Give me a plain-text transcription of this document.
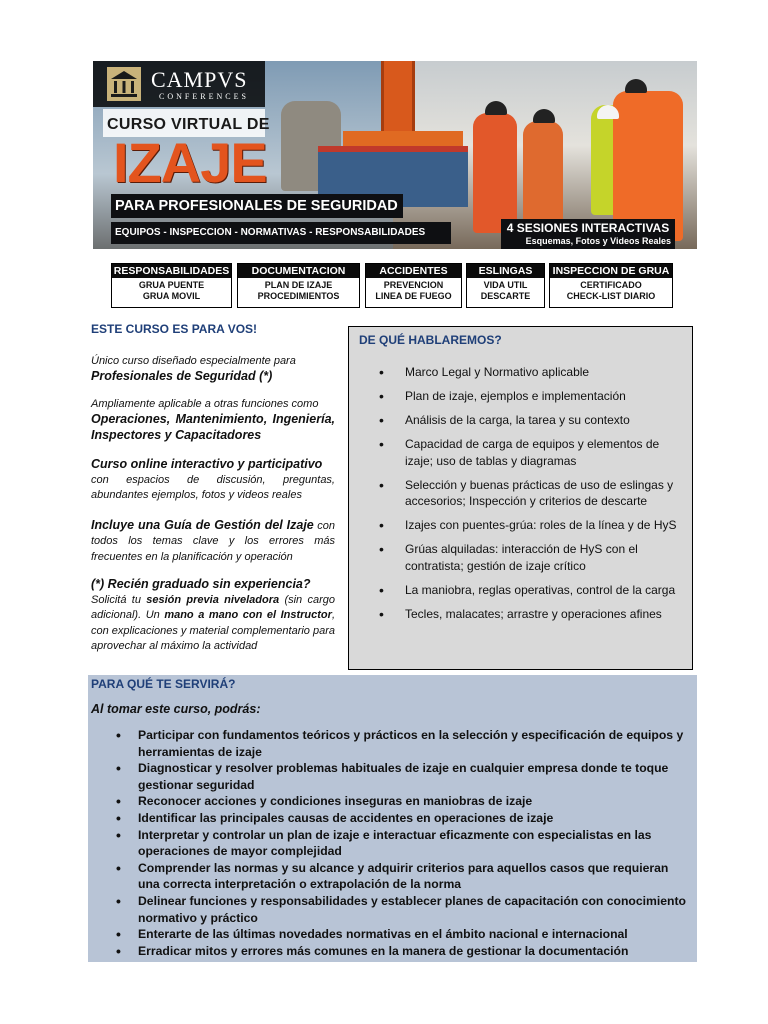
CAMPVS
CONFERENCES
CURSO VIRTUAL DE
IZAJE
PARA PROFESIONALES DE SEGURIDAD
EQUIPOS - INSPECCION - NORMATIVAS - RESPONSABILIDADES	4 SESIONES INTERACTIVAS
Esquemas, Fotos y Videos Reales
RESPONSABILIDADES
GRUA PUENTE
GRUA MOVIL
DOCUMENTACION
PLAN DE IZAJE
PROCEDIMIENTOS
ACCIDENTES
PREVENCION
LINEA DE FUEGO
ESLINGAS
VIDA UTIL
DESCARTE
INSPECCION DE GRUA
CERTIFICADO
CHECK-LIST DIARIO
ESTE CURSO ES PARA VOS!
Único curso diseñado especialmente para
Profesionales de Seguridad (*)
Ampliamente aplicable a otras funciones como
Operaciones, Mantenimiento, Ingeniería, Inspectores y Capacitadores
Curso online interactivo y participativo
con espacios de discusión, preguntas, abundantes ejemplos, fotos y videos reales
Incluye una Guía de Gestión del Izaje con todos los temas clave y los errores más frecuentes en la planificación y operación
(*) Recién graduado sin experiencia?
Solicitá tu sesión previa niveladora (sin cargo adicional). Un mano a mano con el Instructor, con explicaciones y material complementario para aprovechar al máximo la actividad
DE QUÉ HABLAREMOS?
• Marco Legal y Normativo aplicable
• Plan de izaje, ejemplos e implementación
• Análisis de la carga, la tarea y su contexto
• Capacidad de carga de equipos y elementos de izaje; uso de tablas y diagramas
• Selección y buenas prácticas de uso de eslingas y accesorios; Inspección y criterios de descarte
• Izajes con puentes-grúa: roles de la línea y de HyS
• Grúas alquiladas: interacción de HyS con el contratista; gestión de izaje crítico
• La maniobra, reglas operativas, control de la carga
• Tecles, malacates; arrastre y operaciones afines
PARA QUÉ TE SERVIRÁ?
Al tomar este curso, podrás:
• Participar con fundamentos teóricos y prácticos en la selección y especificación de equipos y herramientas de izaje
• Diagnosticar y resolver problemas habituales de izaje en cualquier empresa donde te toque gestionar seguridad
• Reconocer acciones y condiciones inseguras en maniobras de izaje
• Identificar las principales causas de accidentes en operaciones de izaje
• Interpretar y controlar un plan de izaje e interactuar eficazmente con especialistas en las operaciones de mayor complejidad
• Comprender las normas y su alcance y adquirir criterios para aquellos casos que requieran una correcta interpretación o extrapolación de la norma
• Delinear funciones y responsabilidades y establecer planes de capacitación con conocimiento normativo y práctico
• Enterarte de las últimas novedades normativas en el ámbito nacional e internacional
• Erradicar mitos y errores más comunes en la manera de gestionar la documentación
